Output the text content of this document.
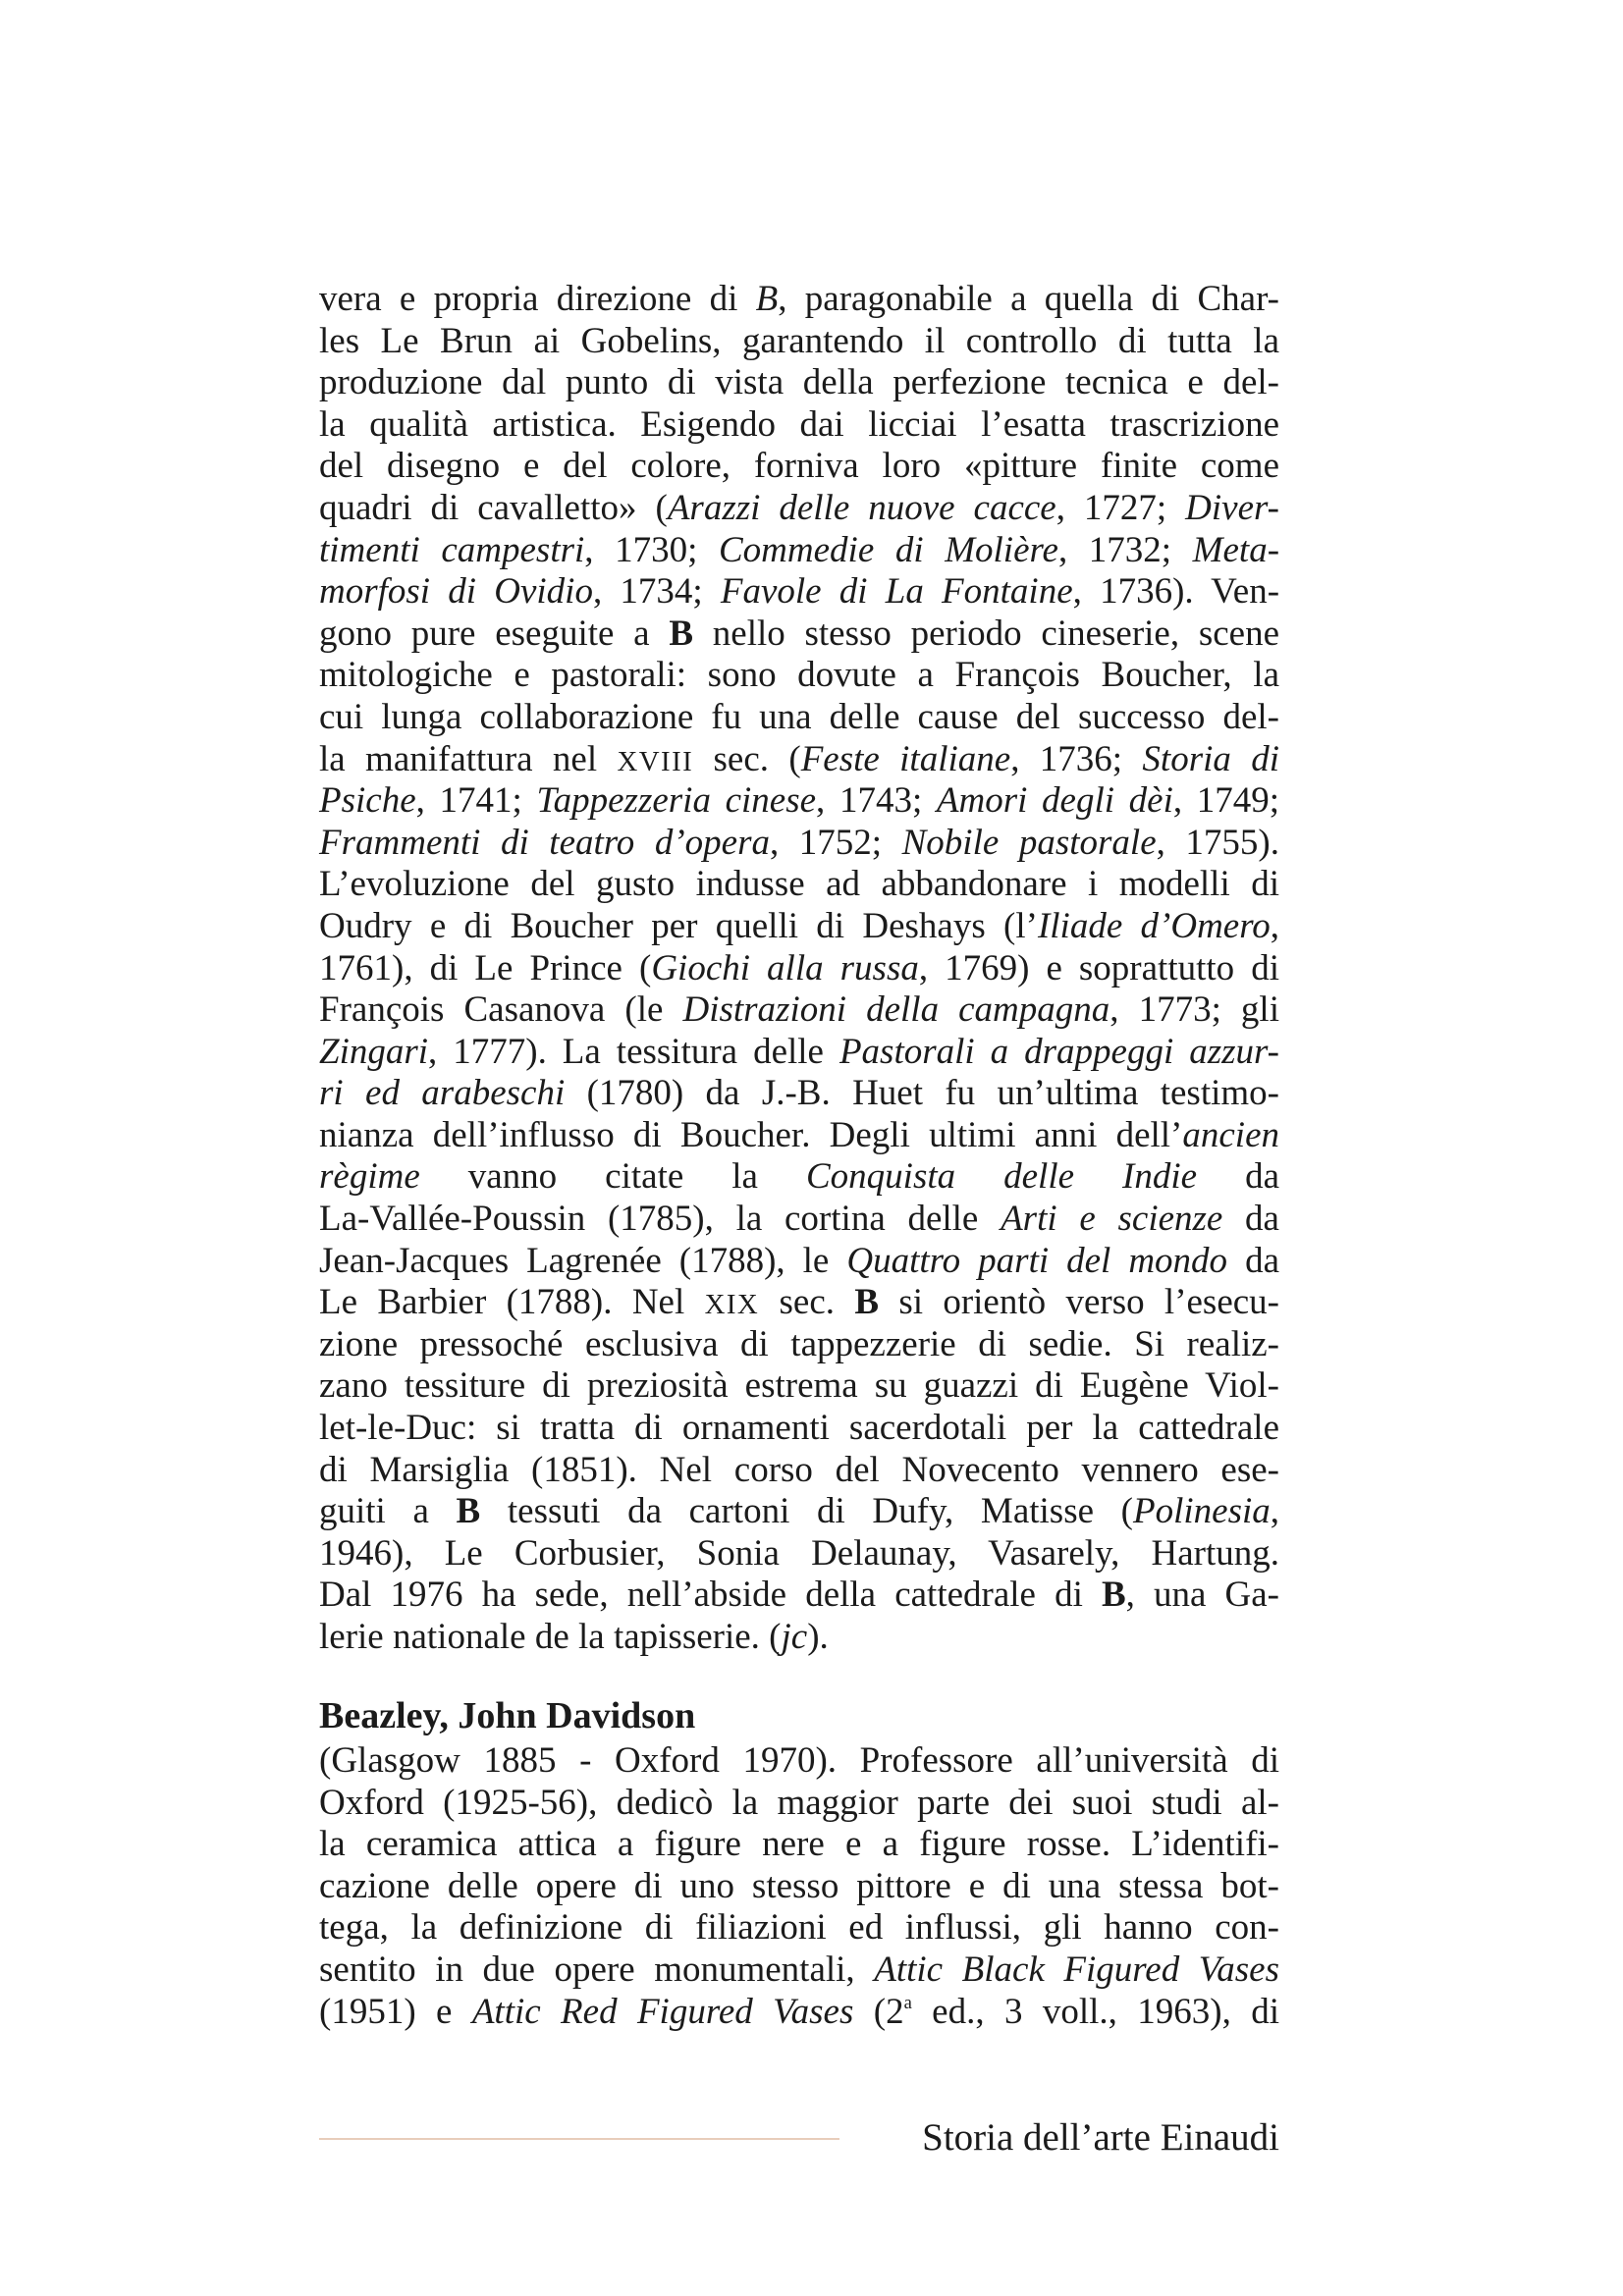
vera e propria direzione di B, paragonabile a quella di Char-
les Le Brun ai Gobelins, garantendo il controllo di tutta la
produzione dal punto di vista della perfezione tecnica e del-
la qualità artistica. Esigendo dai licciai l’esatta trascrizione
del disegno e del colore, forniva loro «pitture finite come
quadri di cavalletto» (Arazzi delle nuove cacce, 1727; Diver-
timenti campestri, 1730; Commedie di Molière, 1732; Meta-
morfosi di Ovidio, 1734; Favole di La Fontaine, 1736). Ven-
gono pure eseguite a B nello stesso periodo cineserie, scene
mitologiche e pastorali: sono dovute a François Boucher, la
cui lunga collaborazione fu una delle cause del successo del-
la manifattura nel XVIII sec. (Feste italiane, 1736; Storia di
Psiche, 1741; Tappezzeria cinese, 1743; Amori degli dèi, 1749;
Frammenti di teatro d’opera, 1752; Nobile pastorale, 1755).
L’evoluzione del gusto indusse ad abbandonare i modelli di
Oudry e di Boucher per quelli di Deshays (l’Iliade d’Omero,
1761), di Le Prince (Giochi alla russa, 1769) e soprattutto di
François Casanova (le Distrazioni della campagna, 1773; gli
Zingari, 1777). La tessitura delle Pastorali a drappeggi azzur-
ri ed arabeschi (1780) da J.-B. Huet fu un’ultima testimo-
nianza dell’influsso di Boucher. Degli ultimi anni dell’ancien
règime vanno citate la Conquista delle Indie da
La-Vallée-Poussin (1785), la cortina delle Arti e scienze da
Jean-Jacques Lagrenée (1788), le Quattro parti del mondo da
Le Barbier (1788). Nel XIX sec. B si orientò verso l’esecu-
zione pressoché esclusiva di tappezzerie di sedie. Si realiz-
zano tessiture di preziosità estrema su guazzi di Eugène Viol-
let-le-Duc: si tratta di ornamenti sacerdotali per la cattedrale
di Marsiglia (1851). Nel corso del Novecento vennero ese-
guiti a B tessuti da cartoni di Dufy, Matisse (Polinesia,
1946), Le Corbusier, Sonia Delaunay, Vasarely, Hartung.
Dal 1976 ha sede, nell’abside della cattedrale di B, una Ga-
lerie nationale de la tapisserie. (jc).
Beazley, John Davidson
(Glasgow 1885 - Oxford 1970). Professore all’università di
Oxford (1925-56), dedicò la maggior parte dei suoi studi al-
la ceramica attica a figure nere e a figure rosse. L’identifi-
cazione delle opere di uno stesso pittore e di una stessa bot-
tega, la definizione di filiazioni ed influssi, gli hanno con-
sentito in due opere monumentali, Attic Black Figured Vases
(1951) e Attic Red Figured Vases (2$^a$ ed., 3 voll., 1963), di
Storia dell’arte Einaudi
